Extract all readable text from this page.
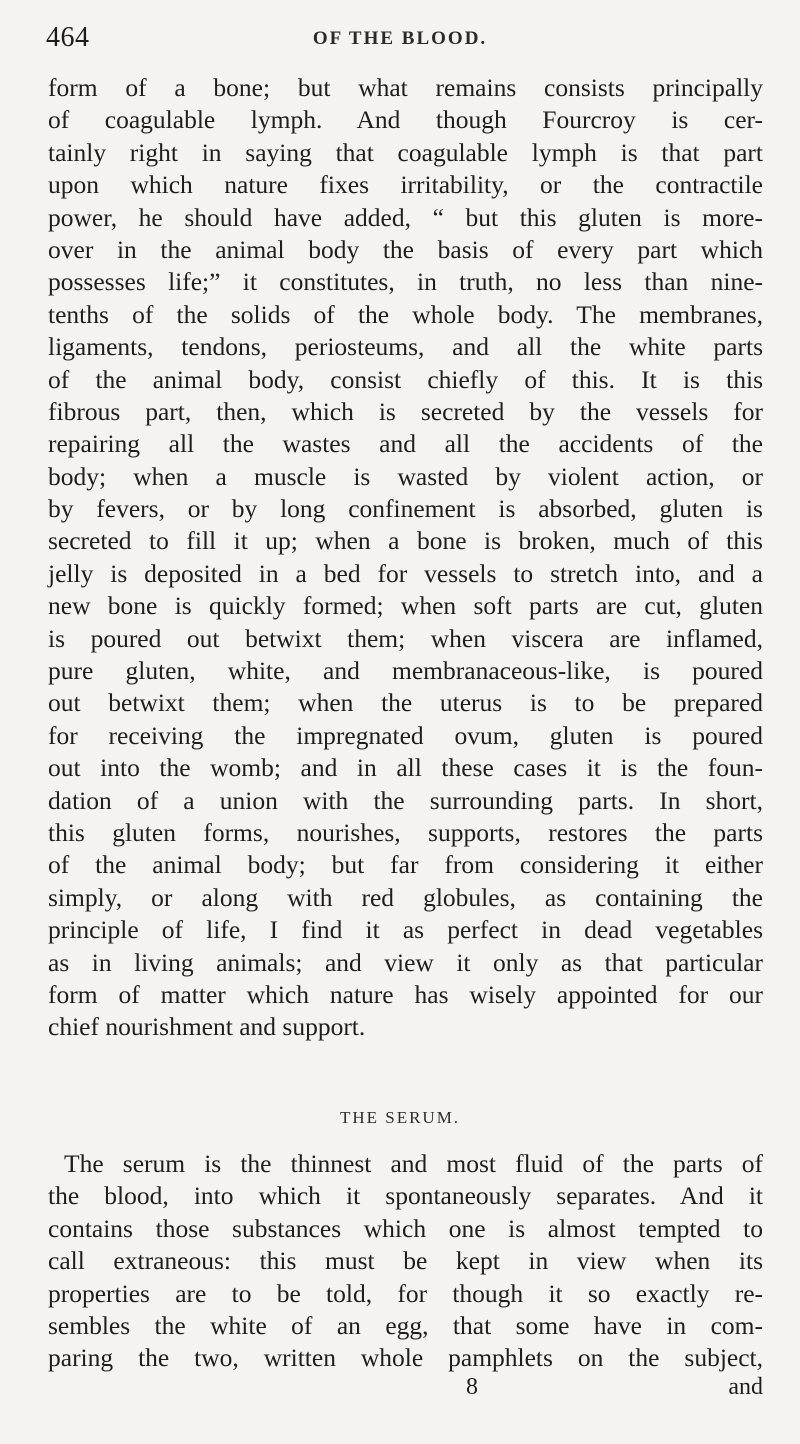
464	OF THE BLOOD.
form of a bone; but what remains consists principally
of coagulable lymph. And though Fourcroy is cer-
tainly right in saying that coagulable lymph is that part
upon which nature fixes irritability, or the contractile
power, he should have added, “ but this gluten is more-
over in the animal body the basis of every part which
possesses life;” it constitutes, in truth, no less than nine-
tenths of the solids of the whole body. The membranes,
ligaments, tendons, periosteums, and all the white parts
of the animal body, consist chiefly of this. It is this
fibrous part, then, which is secreted by the vessels for
repairing all the wastes and all the accidents of the
body; when a muscle is wasted by violent action, or
by fevers, or by long confinement is absorbed, gluten is
secreted to fill it up; when a bone is broken, much of this
jelly is deposited in a bed for vessels to stretch into, and a
new bone is quickly formed; when soft parts are cut, gluten
is poured out betwixt them; when viscera are inflamed,
pure gluten, white, and membranaceous-like, is poured
out betwixt them; when the uterus is to be prepared
for receiving the impregnated ovum, gluten is poured
out into the womb; and in all these cases it is the foun-
dation of a union with the surrounding parts. In short,
this gluten forms, nourishes, supports, restores the parts
of the animal body; but far from considering it either
simply, or along with red globules, as containing the
principle of life, I find it as perfect in dead vegetables
as in living animals; and view it only as that particular
form of matter which nature has wisely appointed for our
chief nourishment and support.
THE SERUM.
The serum is the thinnest and most fluid of the parts of
the blood, into which it spontaneously separates. And it
contains those substances which one is almost tempted to
call extraneous: this must be kept in view when its
properties are to be told, for though it so exactly re-
sembles the white of an egg, that some have in com-
paring the two, written whole pamphlets on the subject,
8	and
